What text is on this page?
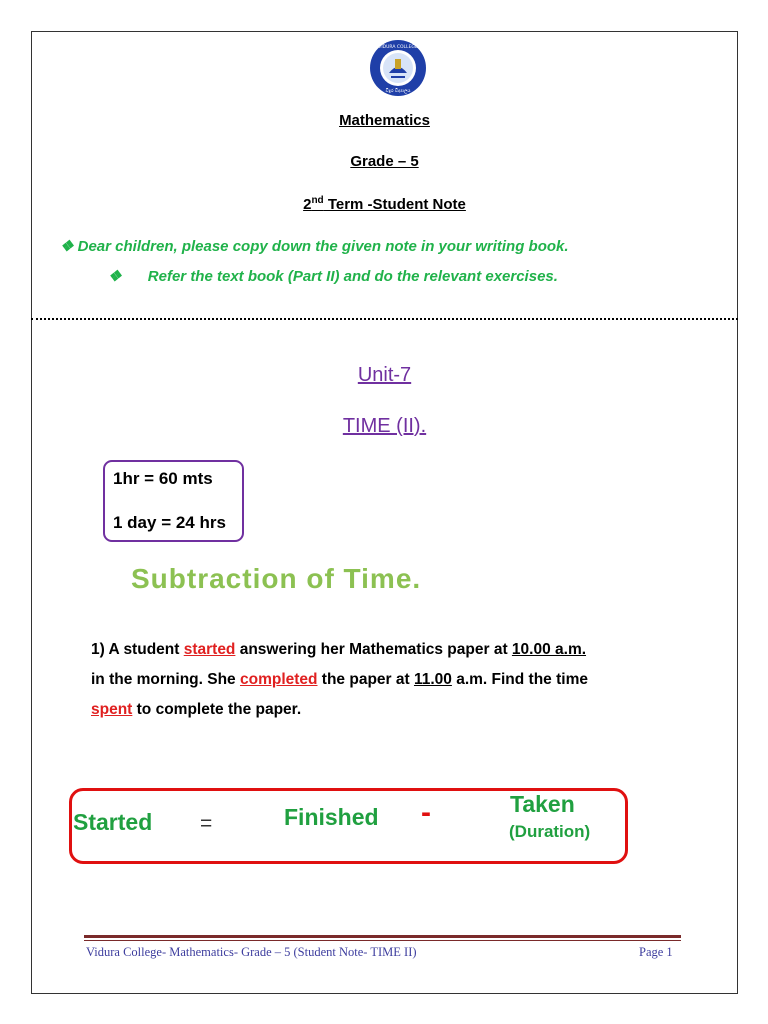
VIDURA COLLEGE
විදුර විද්‍යාලය
Mathematics
Grade – 5
2nd Term -Student Note
❖ Dear children, please copy down the given note in your writing book.
❖ Refer the text book (Part II) and do the relevant exercises.
Unit-7
TIME (II).
1hr = 60 mts
1 day = 24 hrs
Subtraction of Time.
1) A student started answering her Mathematics paper at 10.00 a.m.
in the morning. She completed the paper at 11.00 a.m. Find the time
spent to complete the paper.
Started =	Finished -	Taken
(Duration)
Vidura College- Mathematics- Grade – 5 (Student Note- TIME II)	Page 1
